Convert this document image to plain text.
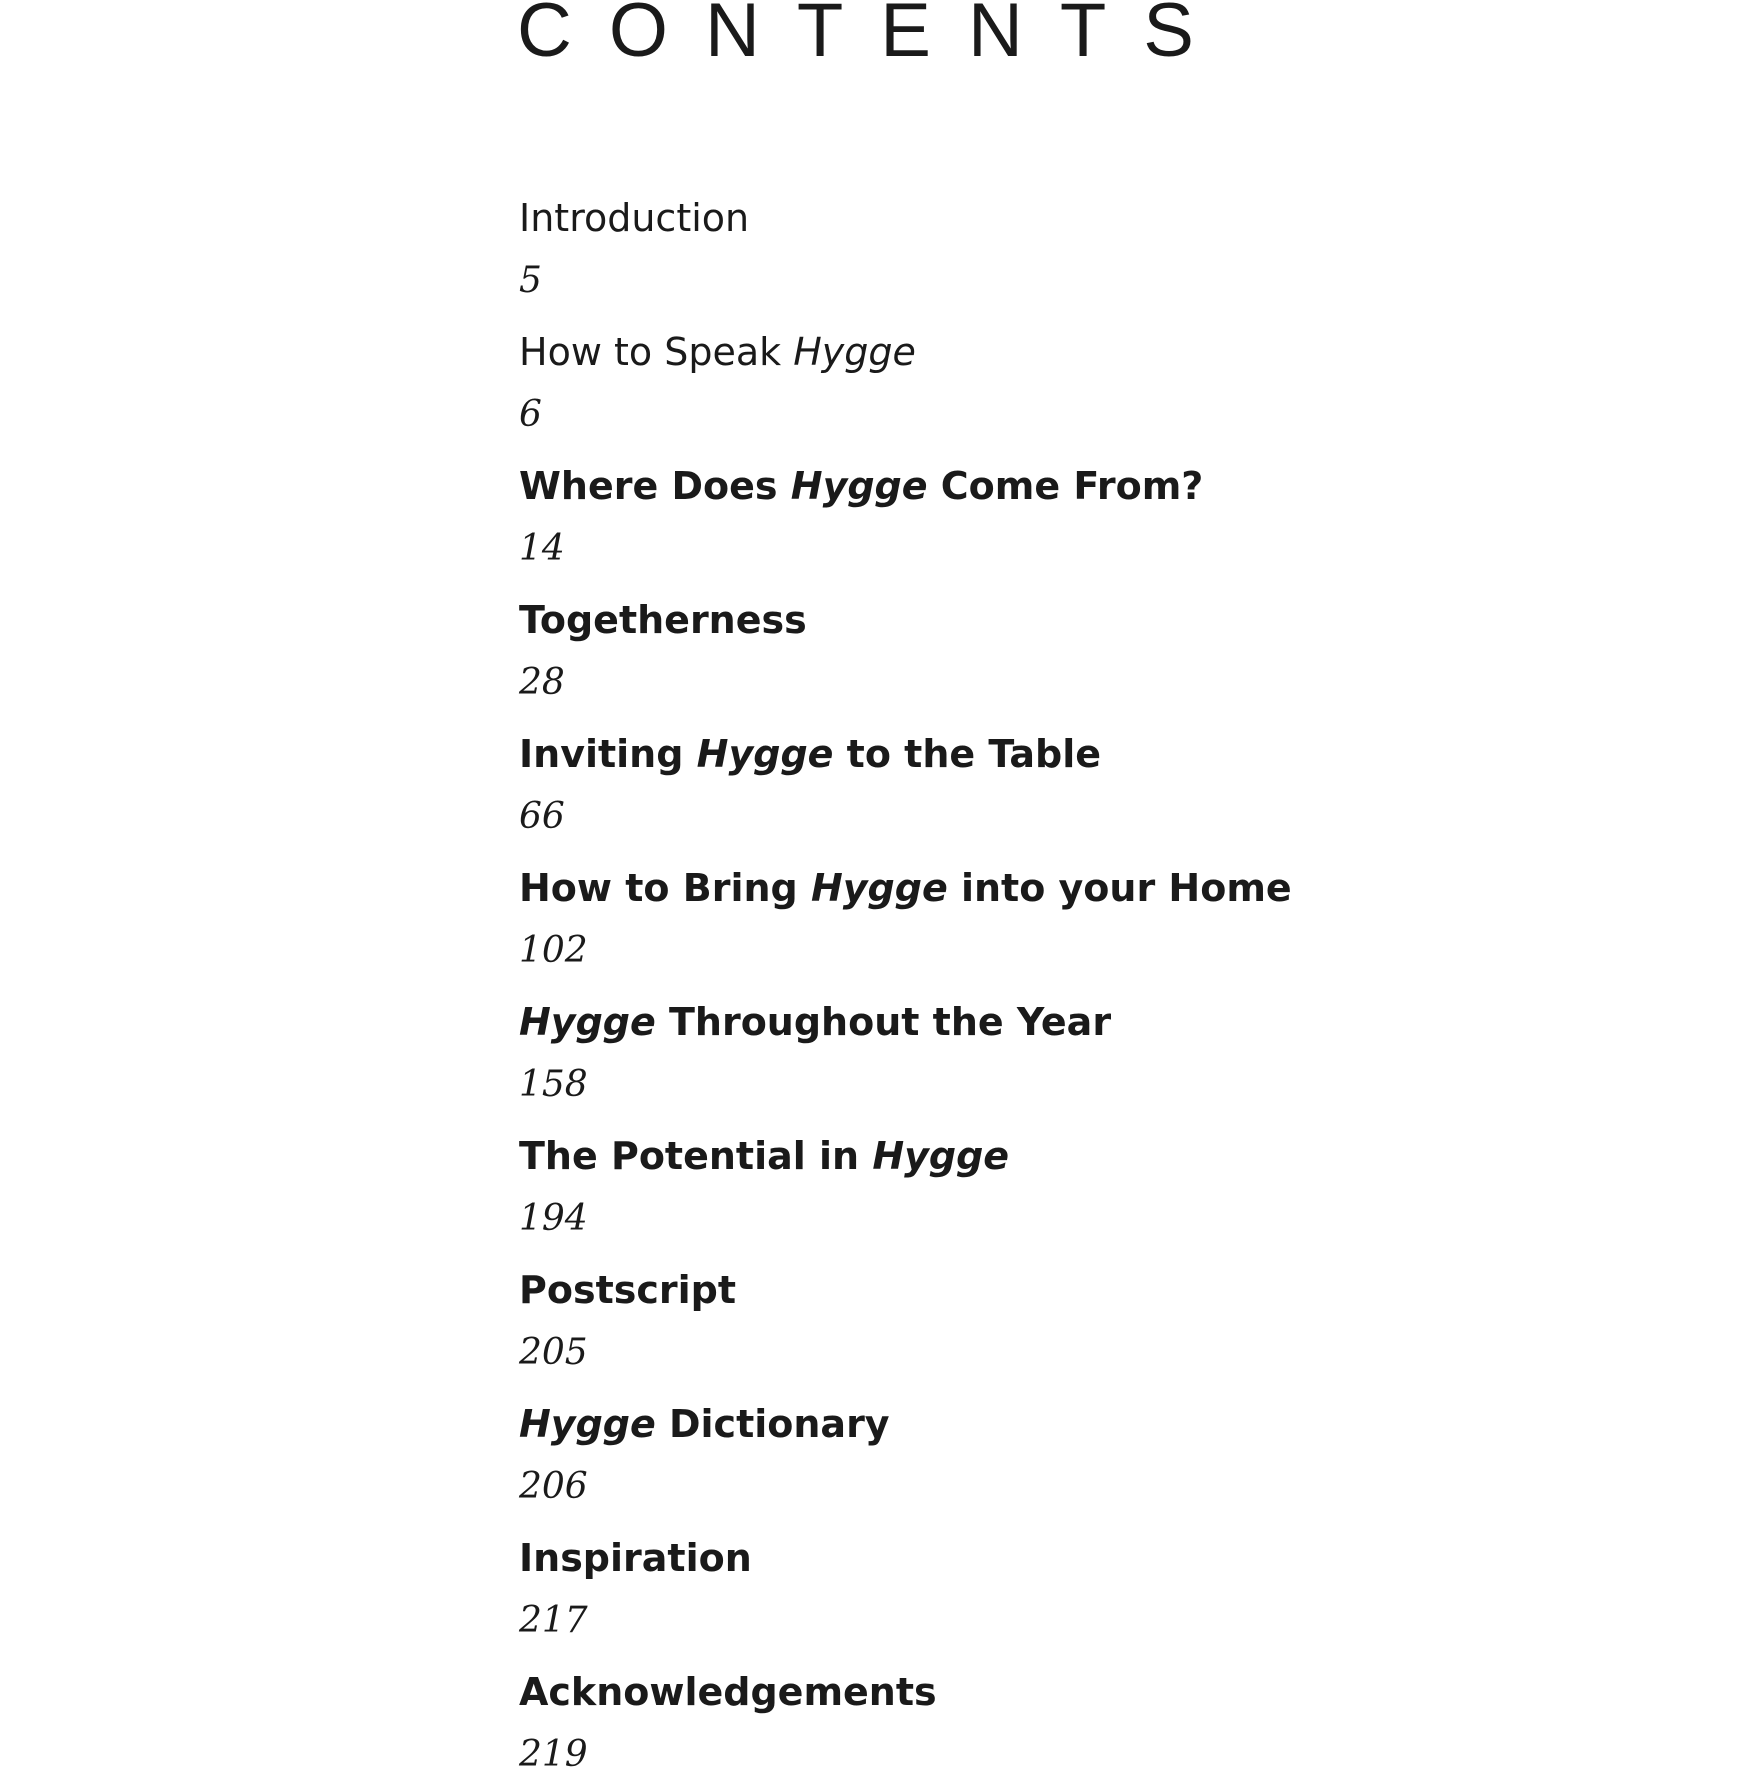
CONTENTS
Introduction
5
How to Speak Hygge
6
Where Does Hygge Come From?
14
Togetherness
28
Inviting Hygge to the Table
66
How to Bring Hygge into your Home
102
Hygge Throughout the Year
158
The Potential in Hygge
194
Postscript
205
Hygge Dictionary
206
Inspiration
217
Acknowledgements
219
